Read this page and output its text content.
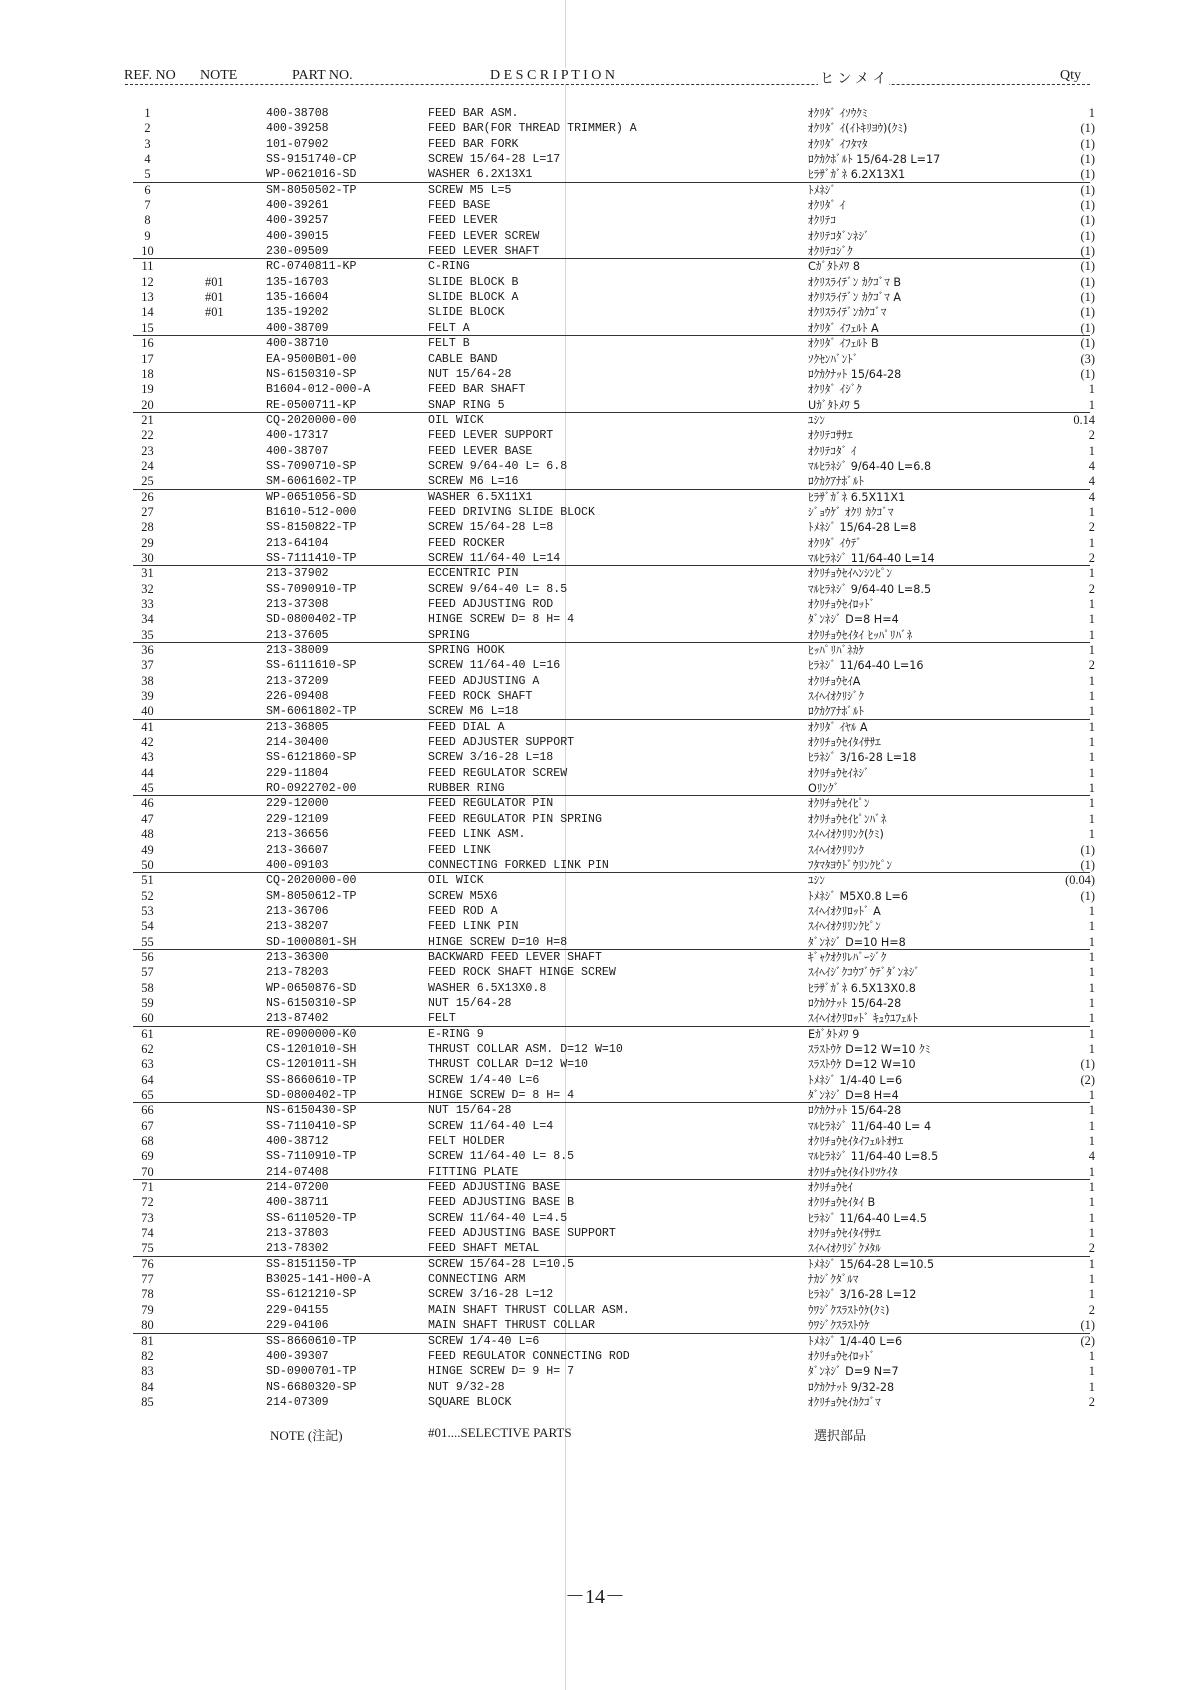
REF. NO NOTE	PART NO.	D E S C R I P T I O N	ヒ ン メ イ	Qty
1	400-38708	FEED BAR ASM.	ｵｸﾘﾀﾞ ｲｿｳｸﾐ	1
2	400-39258	FEED BAR(FOR THREAD TRIMMER) A	ｵｸﾘﾀﾞ ｲ(ｲﾄｷﾘﾖｳ)(ｸﾐ)	(1)
3	101-07902	FEED BAR FORK	ｵｸﾘﾀﾞ ｲﾌﾀﾏﾀ	(1)
4	SS-9151740-CP	SCREW 15/64-28 L=17	ﾛｸｶｸﾎﾞﾙﾄ 15/64-28 L=17	(1)
5	WP-0621016-SD	WASHER 6.2X13X1	ﾋﾗｻﾞｶﾞﾈ 6.2X13X1	(1)
6	SM-8050502-TP	SCREW M5 L=5	ﾄﾒﾈｼﾞ	(1)
7	400-39261	FEED BASE	ｵｸﾘﾀﾞ ｲ	(1)
8	400-39257	FEED LEVER	ｵｸﾘﾃｺ	(1)
9	400-39015	FEED LEVER SCREW	ｵｸﾘﾃｺﾀﾞﾝﾈｼﾞ	(1)
10	230-09509	FEED LEVER SHAFT	ｵｸﾘﾃｺｼﾞｸ	(1)
11	RC-0740811-KP	C-RING	Cｶﾞﾀﾄﾒﾜ 8	(1)
12	#01	135-16703	SLIDE BLOCK B	ｵｸﾘｽﾗｲﾃﾞﾝ ｶｸｺﾞﾏ B	(1)
13	#01	135-16604	SLIDE BLOCK A	ｵｸﾘｽﾗｲﾃﾞﾝ ｶｸｺﾞﾏ A	(1)
14	#01	135-19202	SLIDE BLOCK	ｵｸﾘｽﾗｲﾃﾞﾝｶｸｺﾞﾏ	(1)
15	400-38709	FELT A	ｵｸﾘﾀﾞ ｲﾌｪﾙﾄ A	(1)
16	400-38710	FELT B	ｵｸﾘﾀﾞ ｲﾌｪﾙﾄ B	(1)
17	EA-9500B01-00	CABLE BAND	ｿｸｾﾝﾊﾞﾝﾄﾞ	(3)
18	NS-6150310-SP	NUT 15/64-28	ﾛｸｶｸﾅｯﾄ 15/64-28	(1)
19	B1604-012-000-A	FEED BAR SHAFT	ｵｸﾘﾀﾞ ｲｼﾞｸ	1
20	RE-0500711-KP	SNAP RING 5	Uｶﾞﾀﾄﾒﾜ 5	1
21	CQ-2020000-00	OIL WICK	ﾕｼﾝ	0.14
22	400-17317	FEED LEVER SUPPORT	ｵｸﾘﾃｺｻｻｴ	2
23	400-38707	FEED LEVER BASE	ｵｸﾘﾃｺﾀﾞ ｲ	1
24	SS-7090710-SP	SCREW 9/64-40 L= 6.8	ﾏﾙﾋﾗﾈｼﾞ 9/64-40 L=6.8	4
25	SM-6061602-TP	SCREW M6 L=16	ﾛｸｶｸｱﾅﾎﾞﾙﾄ	4
26	WP-0651056-SD	WASHER 6.5X11X1	ﾋﾗｻﾞｶﾞﾈ 6.5X11X1	4
27	B1610-512-000	FEED DRIVING SLIDE BLOCK	ｼﾞｮｳｹﾞ ｵｸﾘ ｶｸｺﾞﾏ	1
28	SS-8150822-TP	SCREW 15/64-28 L=8	ﾄﾒﾈｼﾞ 15/64-28 L=8	2
29	213-64104	FEED ROCKER	ｵｸﾘﾀﾞ ｲｳﾃﾞ	1
30	SS-7111410-TP	SCREW 11/64-40 L=14	ﾏﾙﾋﾗﾈｼﾞ 11/64-40 L=14	2
31	213-37902	ECCENTRIC PIN	ｵｸﾘﾁｮｳｾｲﾍﾝｼﾝﾋﾟﾝ	1
32	SS-7090910-TP	SCREW 9/64-40 L= 8.5	ﾏﾙﾋﾗﾈｼﾞ 9/64-40 L=8.5	2
33	213-37308	FEED ADJUSTING ROD	ｵｸﾘﾁｮｳｾｲﾛｯﾄﾞ	1
34	SD-0800402-TP	HINGE SCREW D= 8 H= 4	ﾀﾞﾝﾈｼﾞ D=8 H=4	1
35	213-37605	SPRING	ｵｸﾘﾁｮｳｾｲﾀｲ ﾋｯﾊﾟﾘﾊﾞﾈ	1
36	213-38009	SPRING HOOK	ﾋｯﾊﾟﾘﾊﾞﾈｶｹ	1
37	SS-6111610-SP	SCREW 11/64-40 L=16	ﾋﾗﾈｼﾞ 11/64-40 L=16	2
38	213-37209	FEED ADJUSTING A	ｵｸﾘﾁｮｳｾｲA	1
39	226-09408	FEED ROCK SHAFT	ｽｲﾍｲｵｸﾘｼﾞｸ	1
40	SM-6061802-TP	SCREW M6 L=18	ﾛｸｶｸｱﾅﾎﾞﾙﾄ	1
41	213-36805	FEED DIAL A	ｵｸﾘﾀﾞ ｲﾔﾙ A	1
42	214-30400	FEED ADJUSTER SUPPORT	ｵｸﾘﾁｮｳｾｲﾀｲｻｻｴ	1
43	SS-6121860-SP	SCREW 3/16-28 L=18	ﾋﾗﾈｼﾞ 3/16-28 L=18	1
44	229-11804	FEED REGULATOR SCREW	ｵｸﾘﾁｮｳｾｲﾈｼﾞ	1
45	RO-0922702-00	RUBBER RING	Oﾘﾝｸﾞ	1
46	229-12000	FEED REGULATOR PIN	ｵｸﾘﾁｮｳｾｲﾋﾟﾝ	1
47	229-12109	FEED REGULATOR PIN SPRING	ｵｸﾘﾁｮｳｾｲﾋﾟﾝﾊﾞﾈ	1
48	213-36656	FEED LINK ASM.	ｽｲﾍｲｵｸﾘﾘﾝｸ(ｸﾐ)	1
49	213-36607	FEED LINK	ｽｲﾍｲｵｸﾘﾘﾝｸ	(1)
50	400-09103	CONNECTING FORKED LINK PIN	ﾌﾀﾏﾀﾖｳﾄﾞｳﾘﾝｸﾋﾟﾝ	(1)
51	CQ-2020000-00	OIL WICK	ﾕｼﾝ	(0.04)
52	SM-8050612-TP	SCREW M5X6	ﾄﾒﾈｼﾞ M5X0.8 L=6	(1)
53	213-36706	FEED ROD A	ｽｲﾍｲｵｸﾘﾛｯﾄﾞ A	1
54	213-38207	FEED LINK PIN	ｽｲﾍｲｵｸﾘﾘﾝｸﾋﾟﾝ	1
55	SD-1000801-SH	HINGE SCREW D=10 H=8	ﾀﾞﾝﾈｼﾞ D=10 H=8	1
56	213-36300	BACKWARD FEED LEVER SHAFT	ｷﾞｬｸｵｸﾘﾚﾊﾞｰｼﾞｸ	1
57	213-78203	FEED ROCK SHAFT HINGE SCREW	ｽｲﾍｲｼﾞｸｺｳﾌﾞｳﾃﾞﾀﾞﾝﾈｼﾞ	1
58	WP-0650876-SD	WASHER 6.5X13X0.8	ﾋﾗｻﾞｶﾞﾈ 6.5X13X0.8	1
59	NS-6150310-SP	NUT 15/64-28	ﾛｸｶｸﾅｯﾄ 15/64-28	1
60	213-87402	FELT	ｽｲﾍｲｵｸﾘﾛｯﾄﾞ ｷｭｳﾕﾌｪﾙﾄ	1
61	RE-0900000-K0	E-RING 9	Eｶﾞﾀﾄﾒﾜ 9	1
62	CS-1201010-SH	THRUST COLLAR ASM. D=12 W=10	ｽﾗｽﾄｳｹ D=12 W=10 ｸﾐ	1
63	CS-1201011-SH	THRUST COLLAR D=12 W=10	ｽﾗｽﾄｳｹ D=12 W=10	(1)
64	SS-8660610-TP	SCREW 1/4-40 L=6	ﾄﾒﾈｼﾞ 1/4-40 L=6	(2)
65	SD-0800402-TP	HINGE SCREW D= 8 H= 4	ﾀﾞﾝﾈｼﾞ D=8 H=4	1
66	NS-6150430-SP	NUT 15/64-28	ﾛｸｶｸﾅｯﾄ 15/64-28	1
67	SS-7110410-SP	SCREW 11/64-40 L=4	ﾏﾙﾋﾗﾈｼﾞ 11/64-40 L= 4	1
68	400-38712	FELT HOLDER	ｵｸﾘﾁｮｳｾｲﾀｲﾌｪﾙﾄｵｻｴ	1
69	SS-7110910-TP	SCREW 11/64-40 L= 8.5	ﾏﾙﾋﾗﾈｼﾞ 11/64-40 L=8.5	4
70	214-07408	FITTING PLATE	ｵｸﾘﾁｮｳｾｲﾀｲﾄﾘﾂｹｲﾀ	1
71	214-07200	FEED ADJUSTING BASE	ｵｸﾘﾁｮｳｾｲ	1
72	400-38711	FEED ADJUSTING BASE B	ｵｸﾘﾁｮｳｾｲﾀｲ B	1
73	SS-6110520-TP	SCREW 11/64-40 L=4.5	ﾋﾗﾈｼﾞ 11/64-40 L=4.5	1
74	213-37803	FEED ADJUSTING BASE SUPPORT	ｵｸﾘﾁｮｳｾｲﾀｲｻｻｴ	1
75	213-78302	FEED SHAFT METAL	ｽｲﾍｲｵｸﾘｼﾞｸﾒﾀﾙ	2
76	SS-8151150-TP	SCREW 15/64-28 L=10.5	ﾄﾒﾈｼﾞ 15/64-28 L=10.5	1
77	B3025-141-H00-A	CONNECTING ARM	ﾅｶｼﾞｸﾀﾞﾙﾏ	1
78	SS-6121210-SP	SCREW 3/16-28 L=12	ﾋﾗﾈｼﾞ 3/16-28 L=12	1
79	229-04155	MAIN SHAFT THRUST COLLAR ASM.	ｳﾜｼﾞｸｽﾗｽﾄｳｹ(ｸﾐ)	2
80	229-04106	MAIN SHAFT THRUST COLLAR	ｳﾜｼﾞｸｽﾗｽﾄｳｹ	(1)
81	SS-8660610-TP	SCREW 1/4-40 L=6	ﾄﾒﾈｼﾞ 1/4-40 L=6	(2)
82	400-39307	FEED REGULATOR CONNECTING ROD	ｵｸﾘﾁｮｳｾｲﾛｯﾄﾞ	1
83	SD-0900701-TP	HINGE SCREW D= 9 H= 7	ﾀﾞﾝﾈｼﾞ D=9 N=7	1
84	NS-6680320-SP	NUT 9/32-28	ﾛｸｶｸﾅｯﾄ 9/32-28	1
85	214-07309	SQUARE BLOCK	ｵｸﾘﾁｮｳｾｲｶｸｺﾞﾏ	2
NOTE (注記)	#01....SELECTIVE PARTS	選択部品
－14－
